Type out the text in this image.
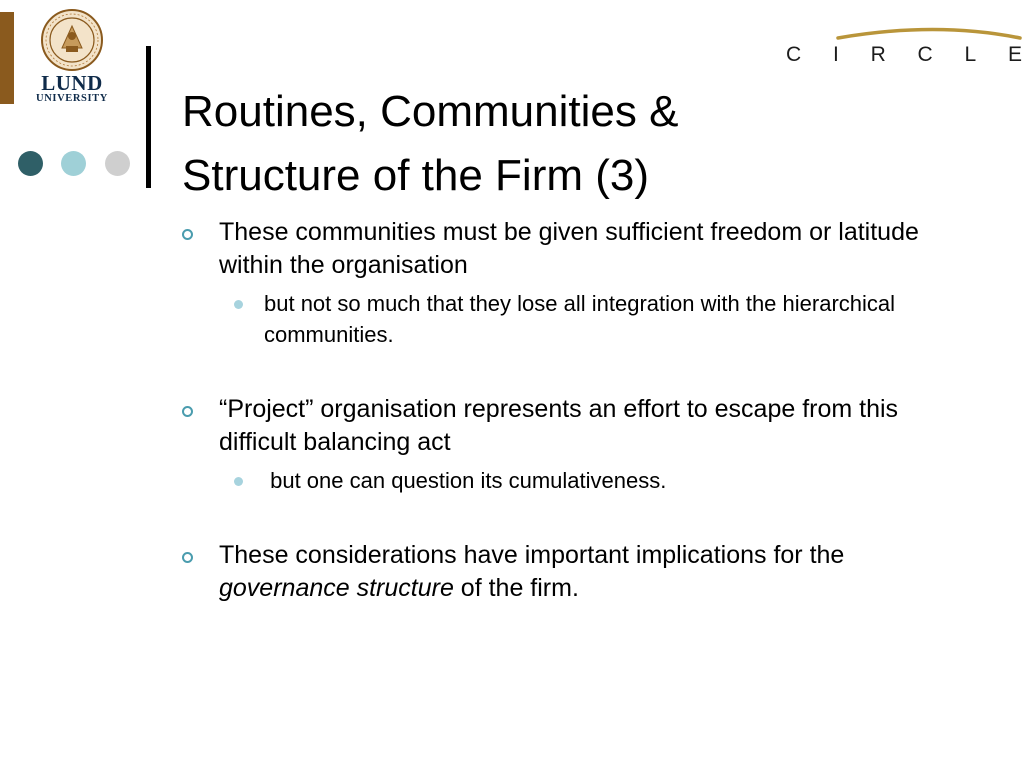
LUND
UNIVERSITY
C I R C L E
Routines, Communities &
Structure of the Firm (3)
These communities must be given sufficient freedom or latitude within the organisation
but not so much that they lose all integration with the hierarchical communities.
“Project” organisation represents an effort to escape from this difficult balancing act
but one can question its cumulativeness.
These considerations have important implications for the governance structure of the firm.
